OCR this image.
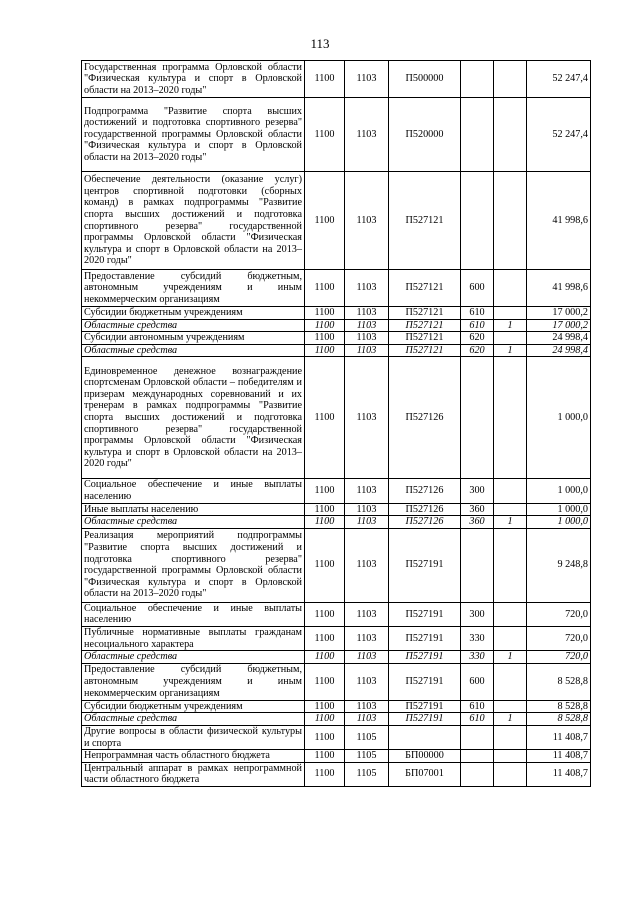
113
Государственная программа Орловской области "Физическая культура и спорт в Орловской области на 2013–2020 годы"	1100	1103	П500000			52 247,4
Подпрограмма "Развитие спорта высших достижений и подготовка спортивного резерва" государственной программы Орловской области "Физическая культура и спорт в Орловской области на 2013–2020 годы"	1100	1103	П520000			52 247,4
Обеспечение деятельности (оказание услуг) центров спортивной подготовки (сборных команд) в рамках подпрограммы "Развитие спорта высших достижений и подготовка спортивного резерва" государственной программы Орловской области "Физическая культура и спорт в Орловской области на 2013–2020 годы"	1100	1103	П527121			41 998,6
Предоставление субсидий бюджетным, автономным учреждениям и иным некоммерческим организациям	1100	1103	П527121	600		41 998,6
Субсидии бюджетным учреждениям	1100	1103	П527121	610		17 000,2
Областные средства	1100	1103	П527121	610	1	17 000,2
Субсидии автономным учреждениям	1100	1103	П527121	620		24 998,4
Областные средства	1100	1103	П527121	620	1	24 998,4
Единовременное денежное вознаграждение спортсменам Орловской области – победителям и призерам международных соревнований и их тренерам в рамках подпрограммы "Развитие спорта высших достижений и подготовка спортивного резерва" государственной программы Орловской области "Физическая культура и спорт в Орловской области на 2013–2020 годы"	1100	1103	П527126			1 000,0
Социальное обеспечение и иные выплаты населению	1100	1103	П527126	300		1 000,0
Иные выплаты населению	1100	1103	П527126	360		1 000,0
Областные средства	1100	1103	П527126	360	1	1 000,0
Реализация мероприятий подпрограммы "Развитие спорта высших достижений и подготовка спортивного резерва" государственной программы Орловской области "Физическая культура и спорт в Орловской области на 2013–2020 годы"	1100	1103	П527191			9 248,8
Социальное обеспечение и иные выплаты населению	1100	1103	П527191	300		720,0
Публичные нормативные выплаты гражданам несоциального характера	1100	1103	П527191	330		720,0
Областные средства	1100	1103	П527191	330	1	720,0
Предоставление субсидий бюджетным, автономным учреждениям и иным некоммерческим организациям	1100	1103	П527191	600		8 528,8
Субсидии бюджетным учреждениям	1100	1103	П527191	610		8 528,8
Областные средства	1100	1103	П527191	610	1	8 528,8
Другие вопросы в области физической культуры и спорта	1100	1105				11 408,7
Непрограммная часть областного бюджета	1100	1105	БП00000			11 408,7
Центральный аппарат в рамках непрограммной части областного бюджета	1100	1105	БП07001			11 408,7
